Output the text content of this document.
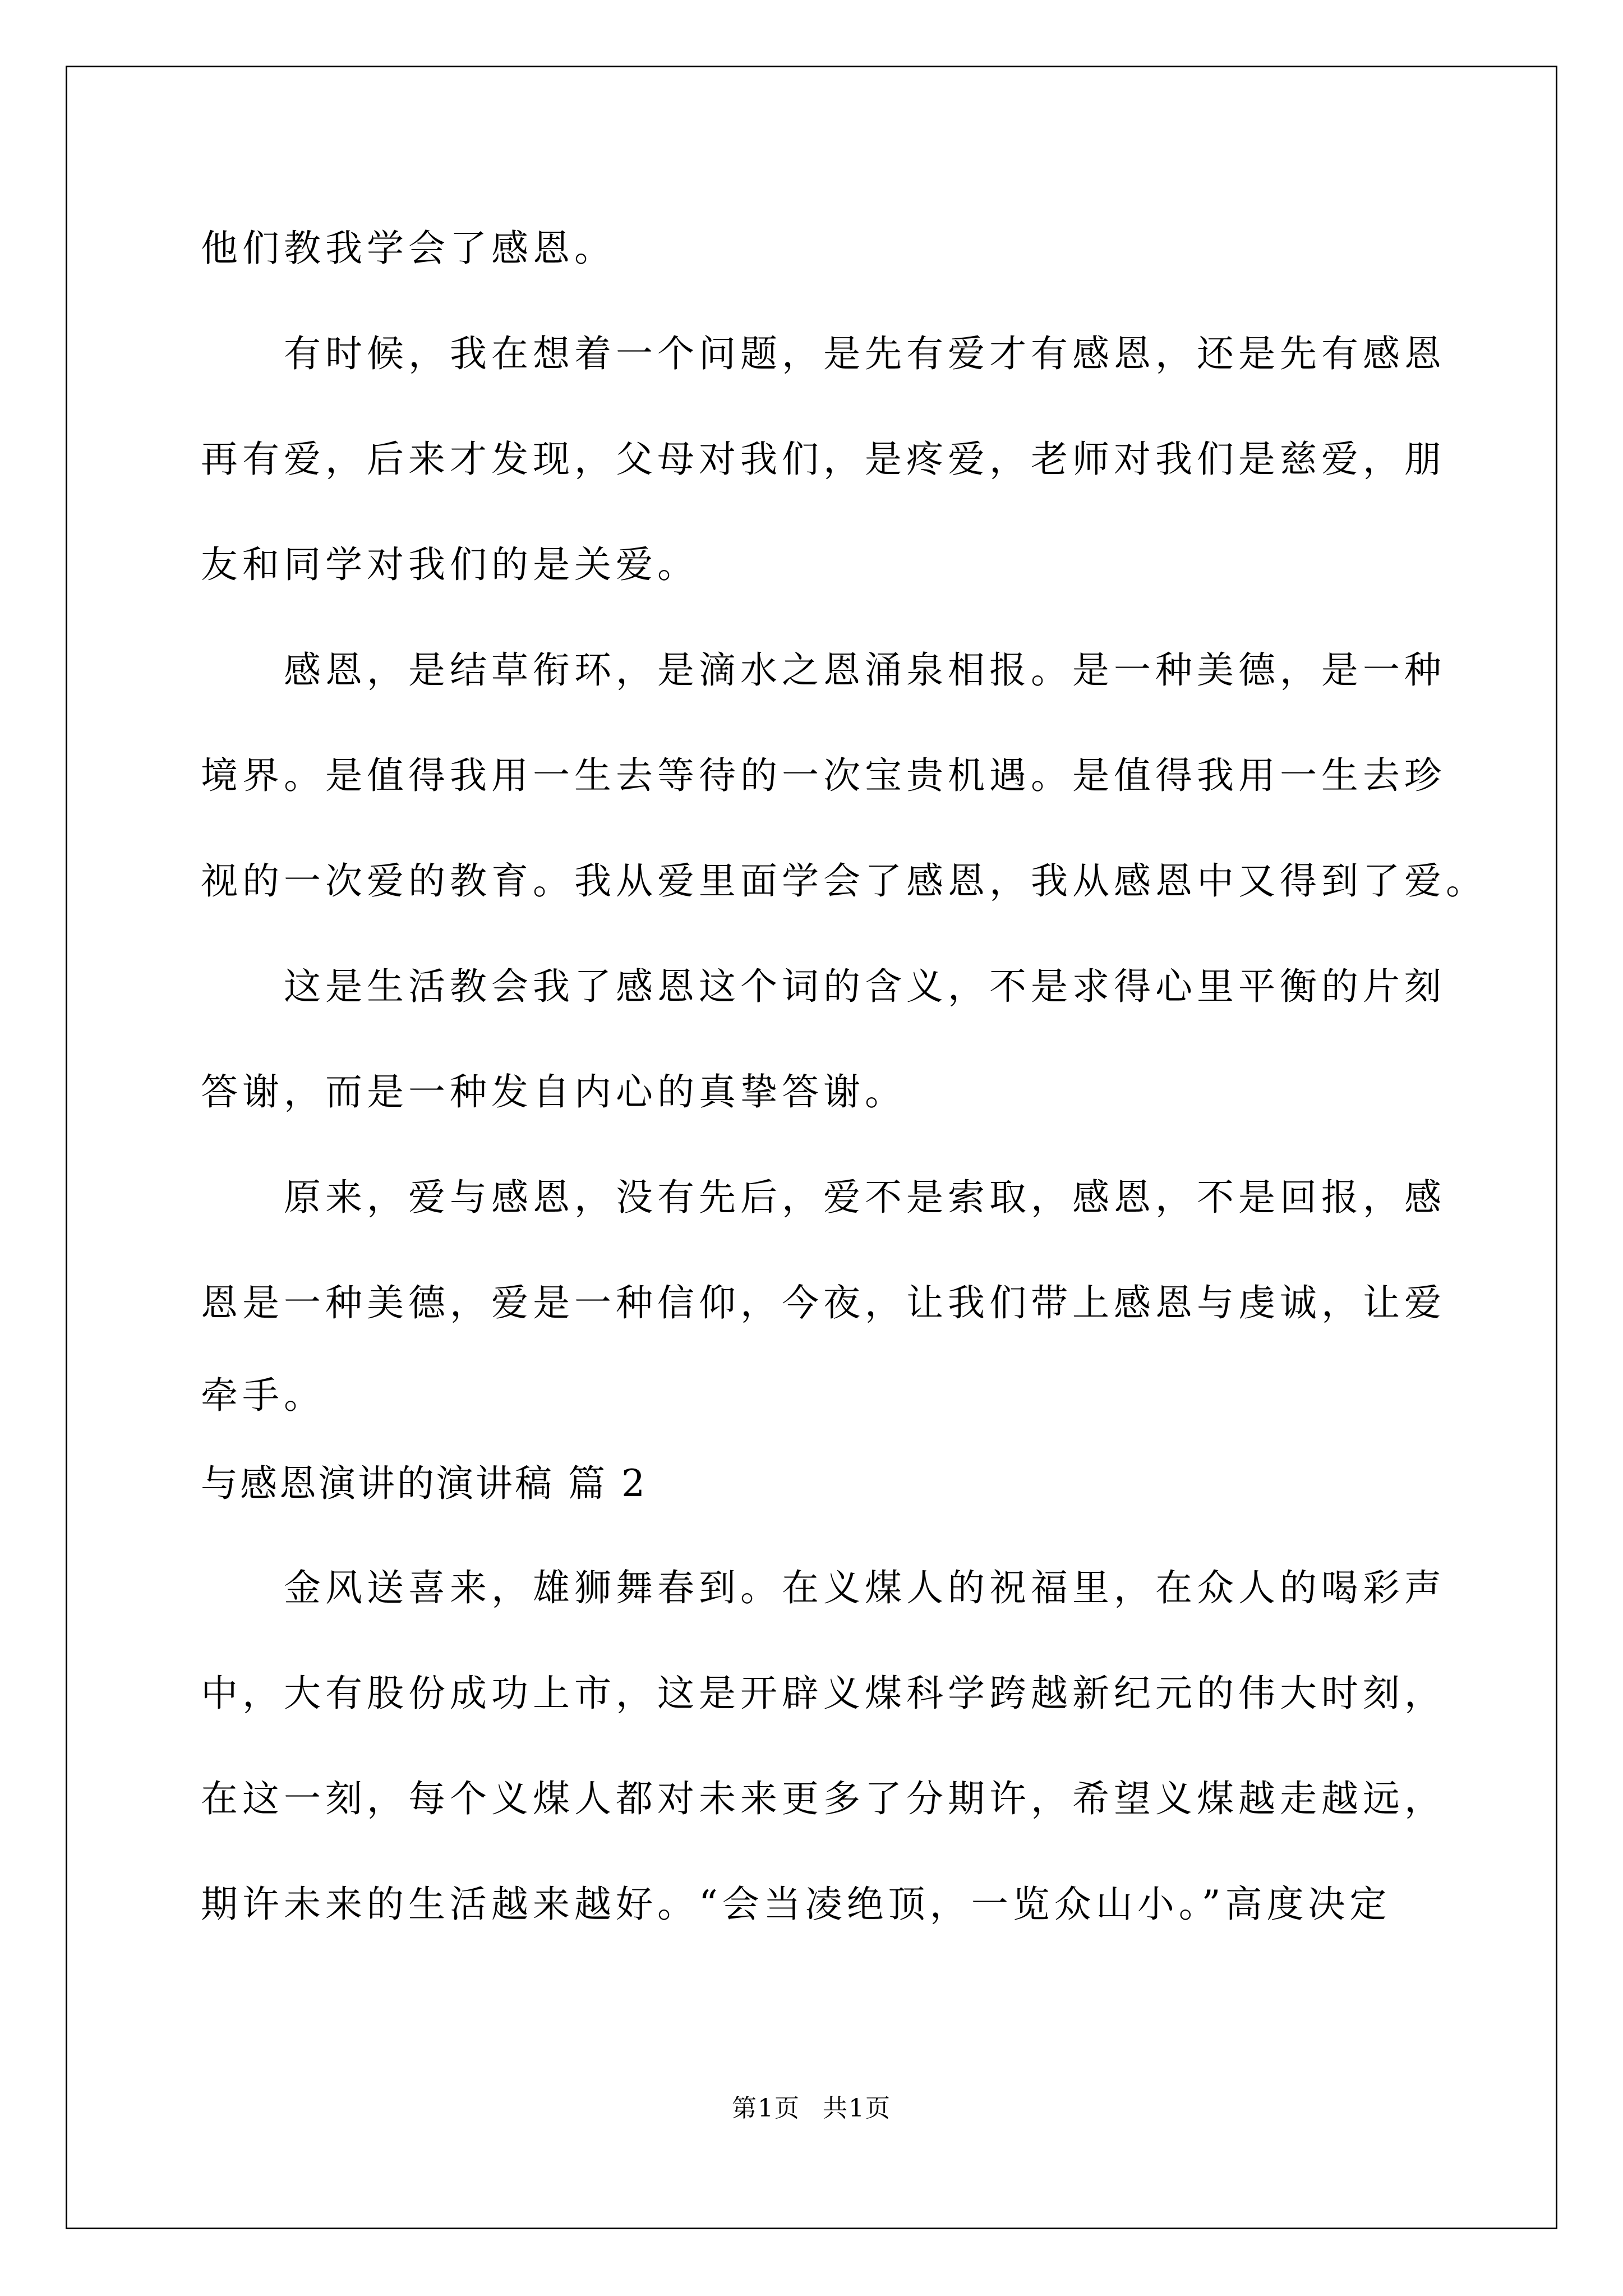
他们教我学会了感恩。
　　有时候，我在想着一个问题，是先有爱才有感恩，还是先有感恩
再有爱，后来才发现，父母对我们，是疼爱，老师对我们是慈爱，朋
友和同学对我们的是关爱。
　　感恩，是结草衔环，是滴水之恩涌泉相报。是一种美德，是一种
境界。是值得我用一生去等待的一次宝贵机遇。是值得我用一生去珍
视的一次爱的教育。我从爱里面学会了感恩，我从感恩中又得到了爱。
　　这是生活教会我了感恩这个词的含义，不是求得心里平衡的片刻
答谢，而是一种发自内心的真挚答谢。
　　原来，爱与感恩，没有先后，爱不是索取，感恩，不是回报，感
恩是一种美德，爱是一种信仰，今夜，让我们带上感恩与虔诚，让爱
牵手。
与感恩演讲的演讲稿 篇 2
　　金风送喜来，雄狮舞春到。在义煤人的祝福里，在众人的喝彩声
中，大有股份成功上市，这是开辟义煤科学跨越新纪元的伟大时刻，
在这一刻，每个义煤人都对未来更多了分期许，希望义煤越走越远，
期许未来的生活越来越好。“会当凌绝顶，一览众山小。”高度决定
第1页 共1页
